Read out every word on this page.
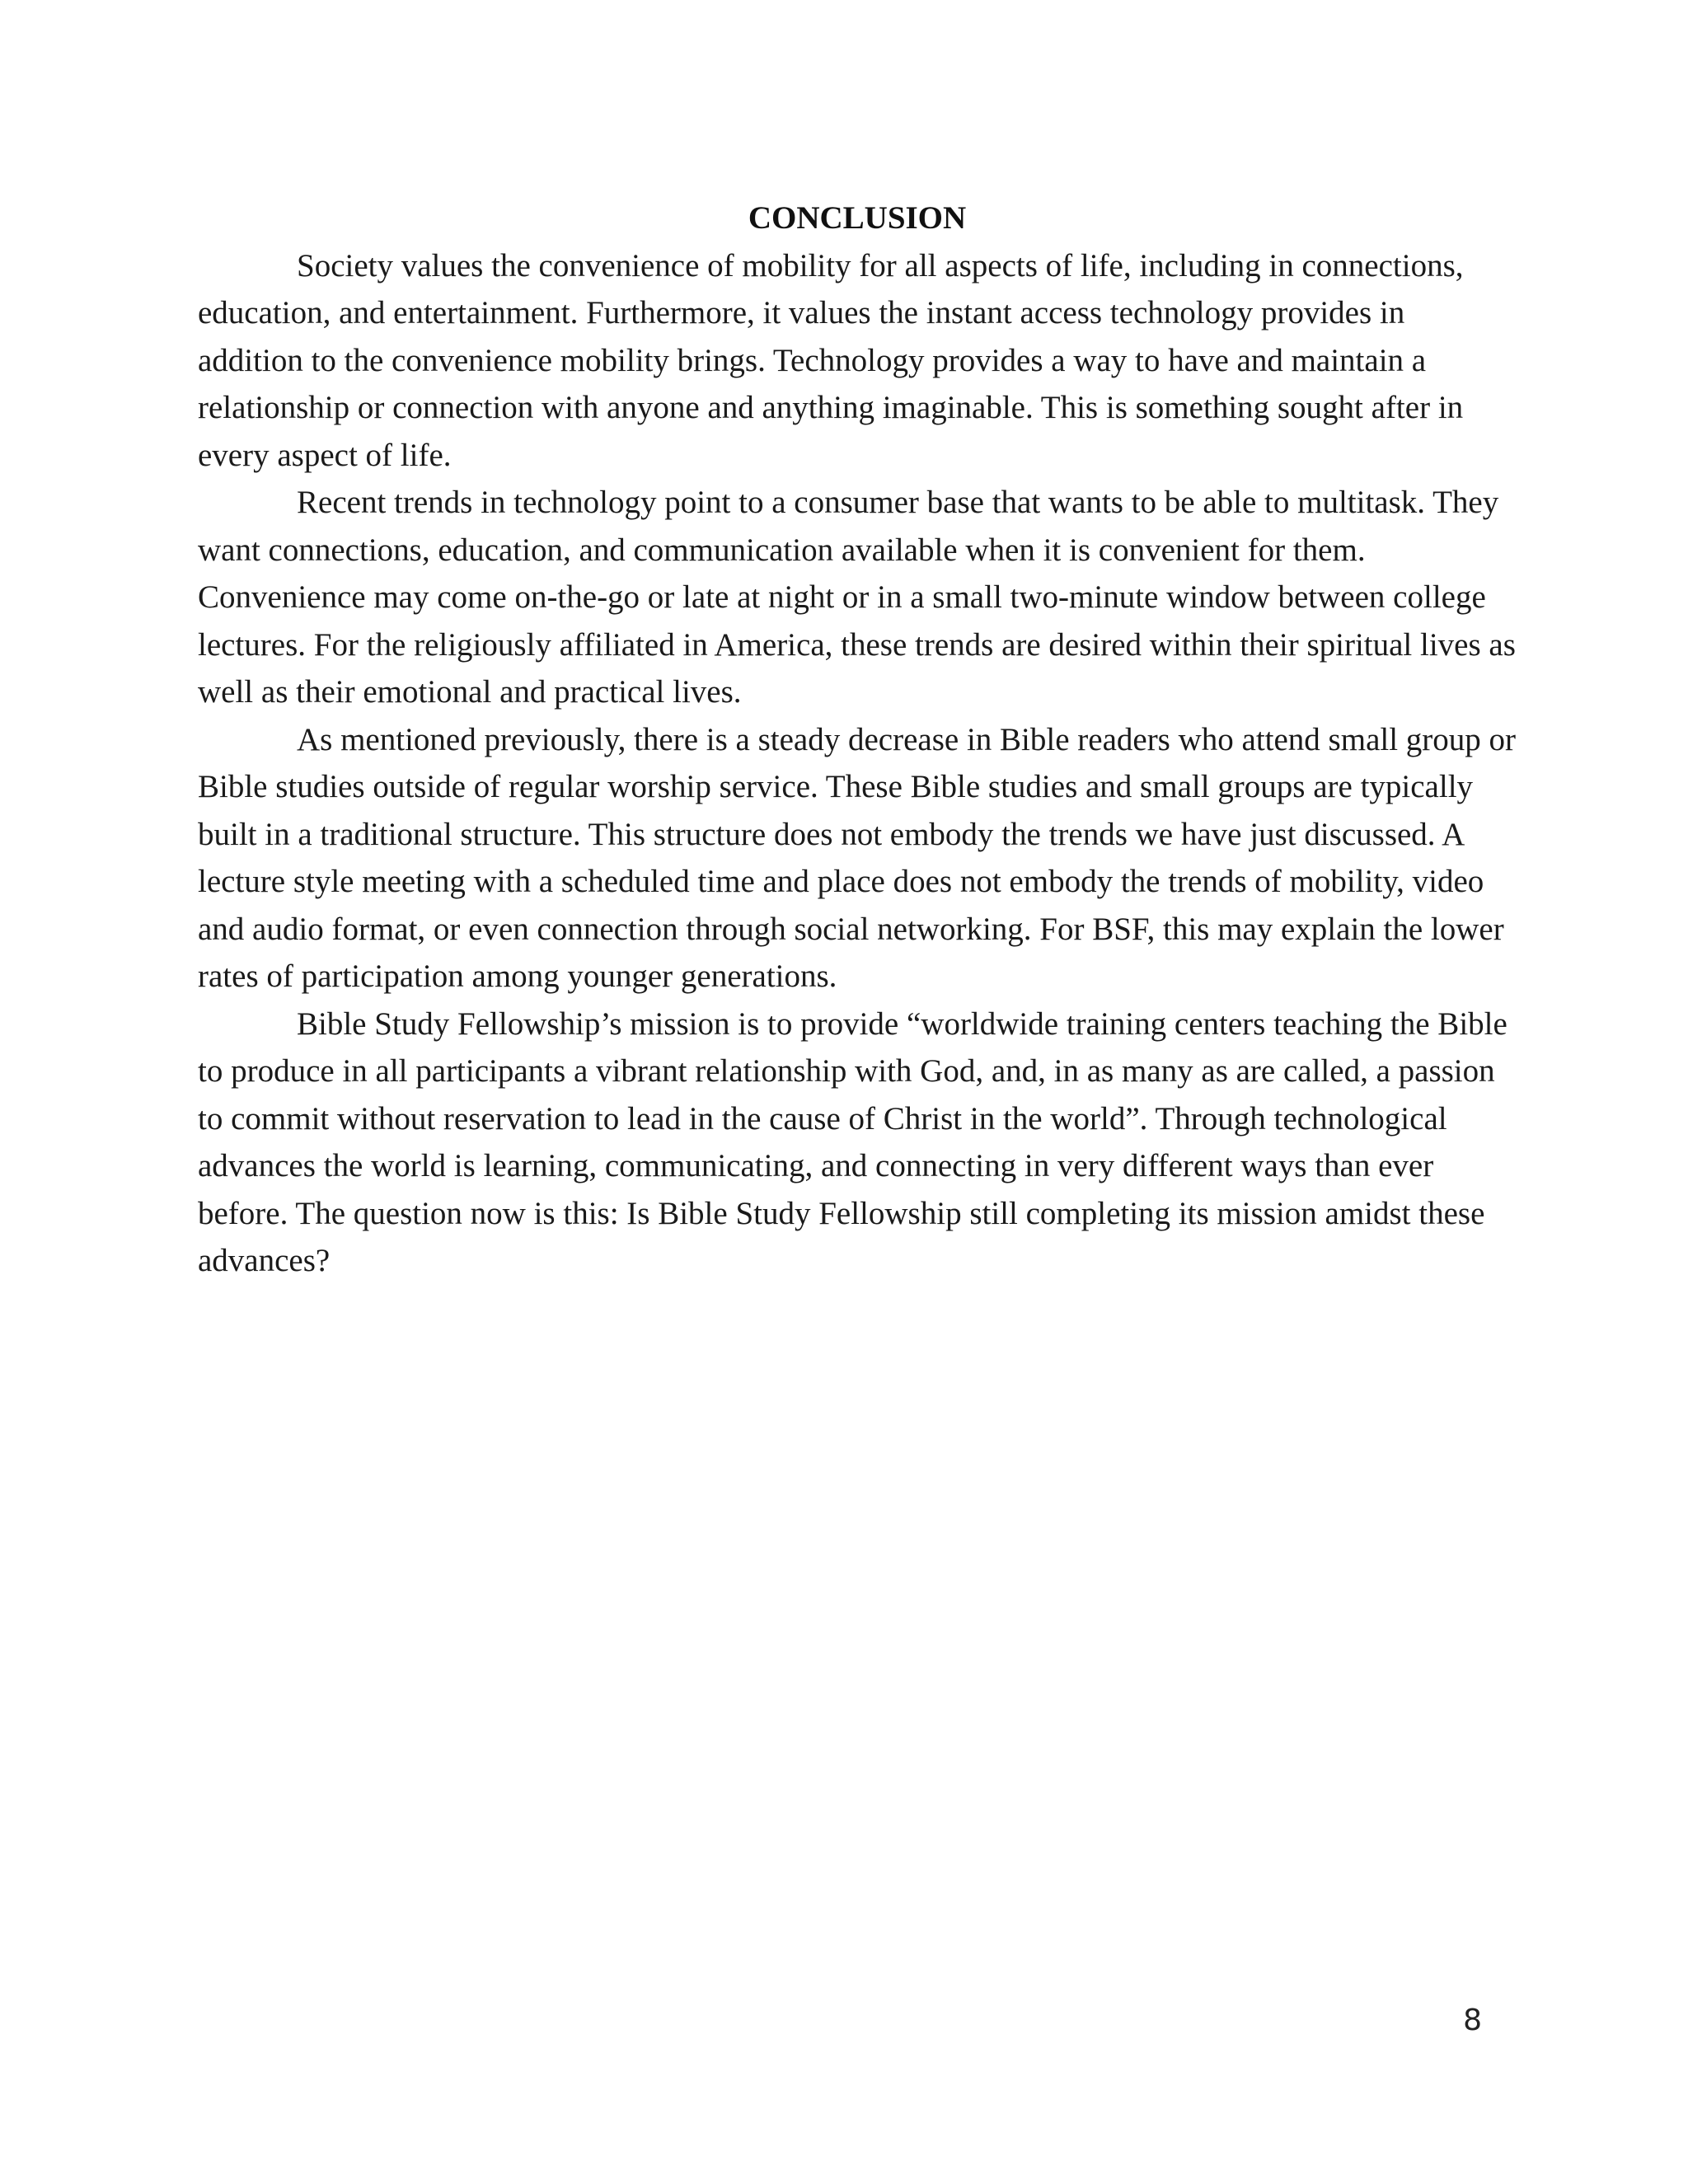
CONCLUSION

Society values the convenience of mobility for all aspects of life, including in connections, education, and entertainment. Furthermore, it values the instant access technology provides in addition to the convenience mobility brings. Technology provides a way to have and maintain a relationship or connection with anyone and anything imaginable. This is something sought after in every aspect of life.

Recent trends in technology point to a consumer base that wants to be able to multitask. They want connections, education, and communication available when it is convenient for them. Convenience may come on-the-go or late at night or in a small two-minute window between college lectures. For the religiously affiliated in America, these trends are desired within their spiritual lives as well as their emotional and practical lives.

As mentioned previously, there is a steady decrease in Bible readers who attend small group or Bible studies outside of regular worship service. These Bible studies and small groups are typically built in a traditional structure. This structure does not embody the trends we have just discussed. A lecture style meeting with a scheduled time and place does not embody the trends of mobility, video and audio format, or even connection through social networking. For BSF, this may explain the lower rates of participation among younger generations.

Bible Study Fellowship’s mission is to provide “worldwide training centers teaching the Bible to produce in all participants a vibrant relationship with God, and, in as many as are called, a passion to commit without reservation to lead in the cause of Christ in the world”. Through technological advances the world is learning, communicating, and connecting in very different ways than ever before. The question now is this: Is Bible Study Fellowship still completing its mission amidst these advances?

8
